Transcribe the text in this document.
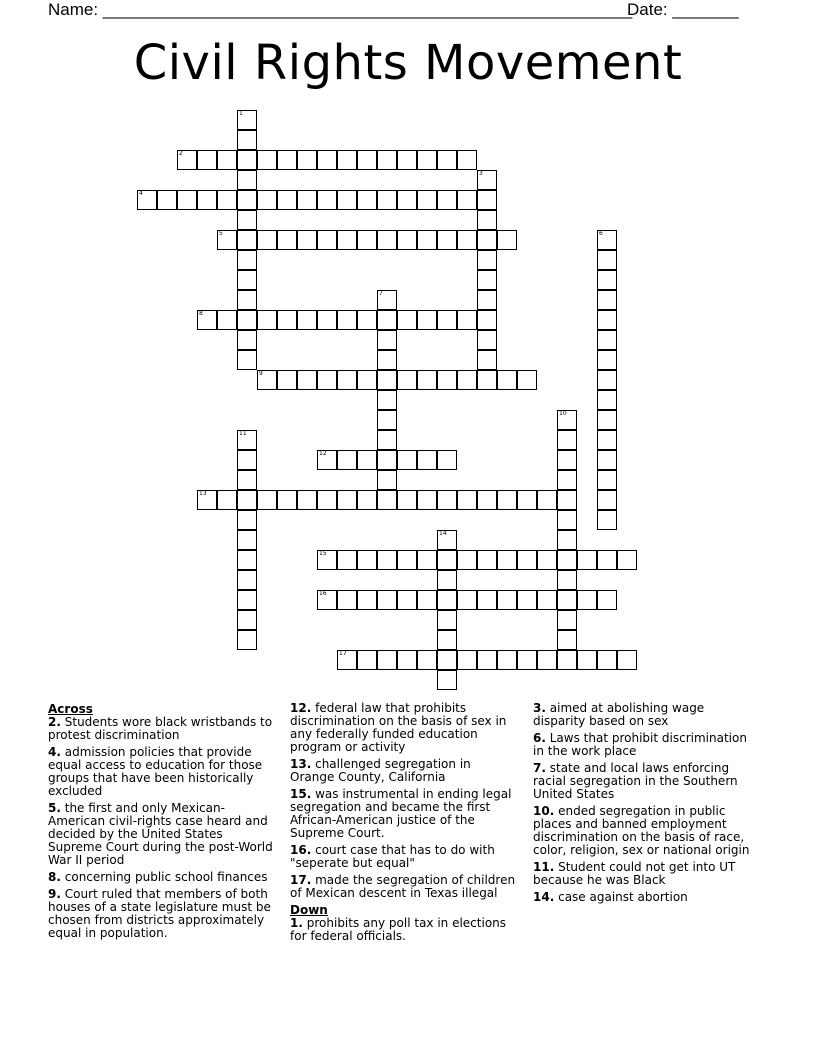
Name: ________________________________________________________
Date: _______
Civil Rights Movement
1
2
3
4
5	6
7
8
9
10
11
12
13
14
15
16
17
Across
2. Students wore black wristbands to protest discrimination
4. admission policies that provide equal access to education for those groups that have been historically excluded
5. the first and only Mexican-American civil-rights case heard and decided by the United States Supreme Court during the post-World War II period
8. concerning public school finances
9. Court ruled that members of both houses of a state legislature must be chosen from districts approximately equal in population.
12. federal law that prohibits discrimination on the basis of sex in any federally funded education program or activity
13. challenged segregation in Orange County, California
15. was instrumental in ending legal segregation and became the first African-American justice of the Supreme Court.
16. court case that has to do with "seperate but equal"
17. made the segregation of children of Mexican descent in Texas illegal
Down
1. prohibits any poll tax in elections for federal officials.
3. aimed at abolishing wage disparity based on sex
6. Laws that prohibit discrimination in the work place
7. state and local laws enforcing racial segregation in the Southern United States
10. ended segregation in public places and banned employment discrimination on the basis of race, color, religion, sex or national origin
11. Student could not get into UT because he was Black
14. case against abortion
